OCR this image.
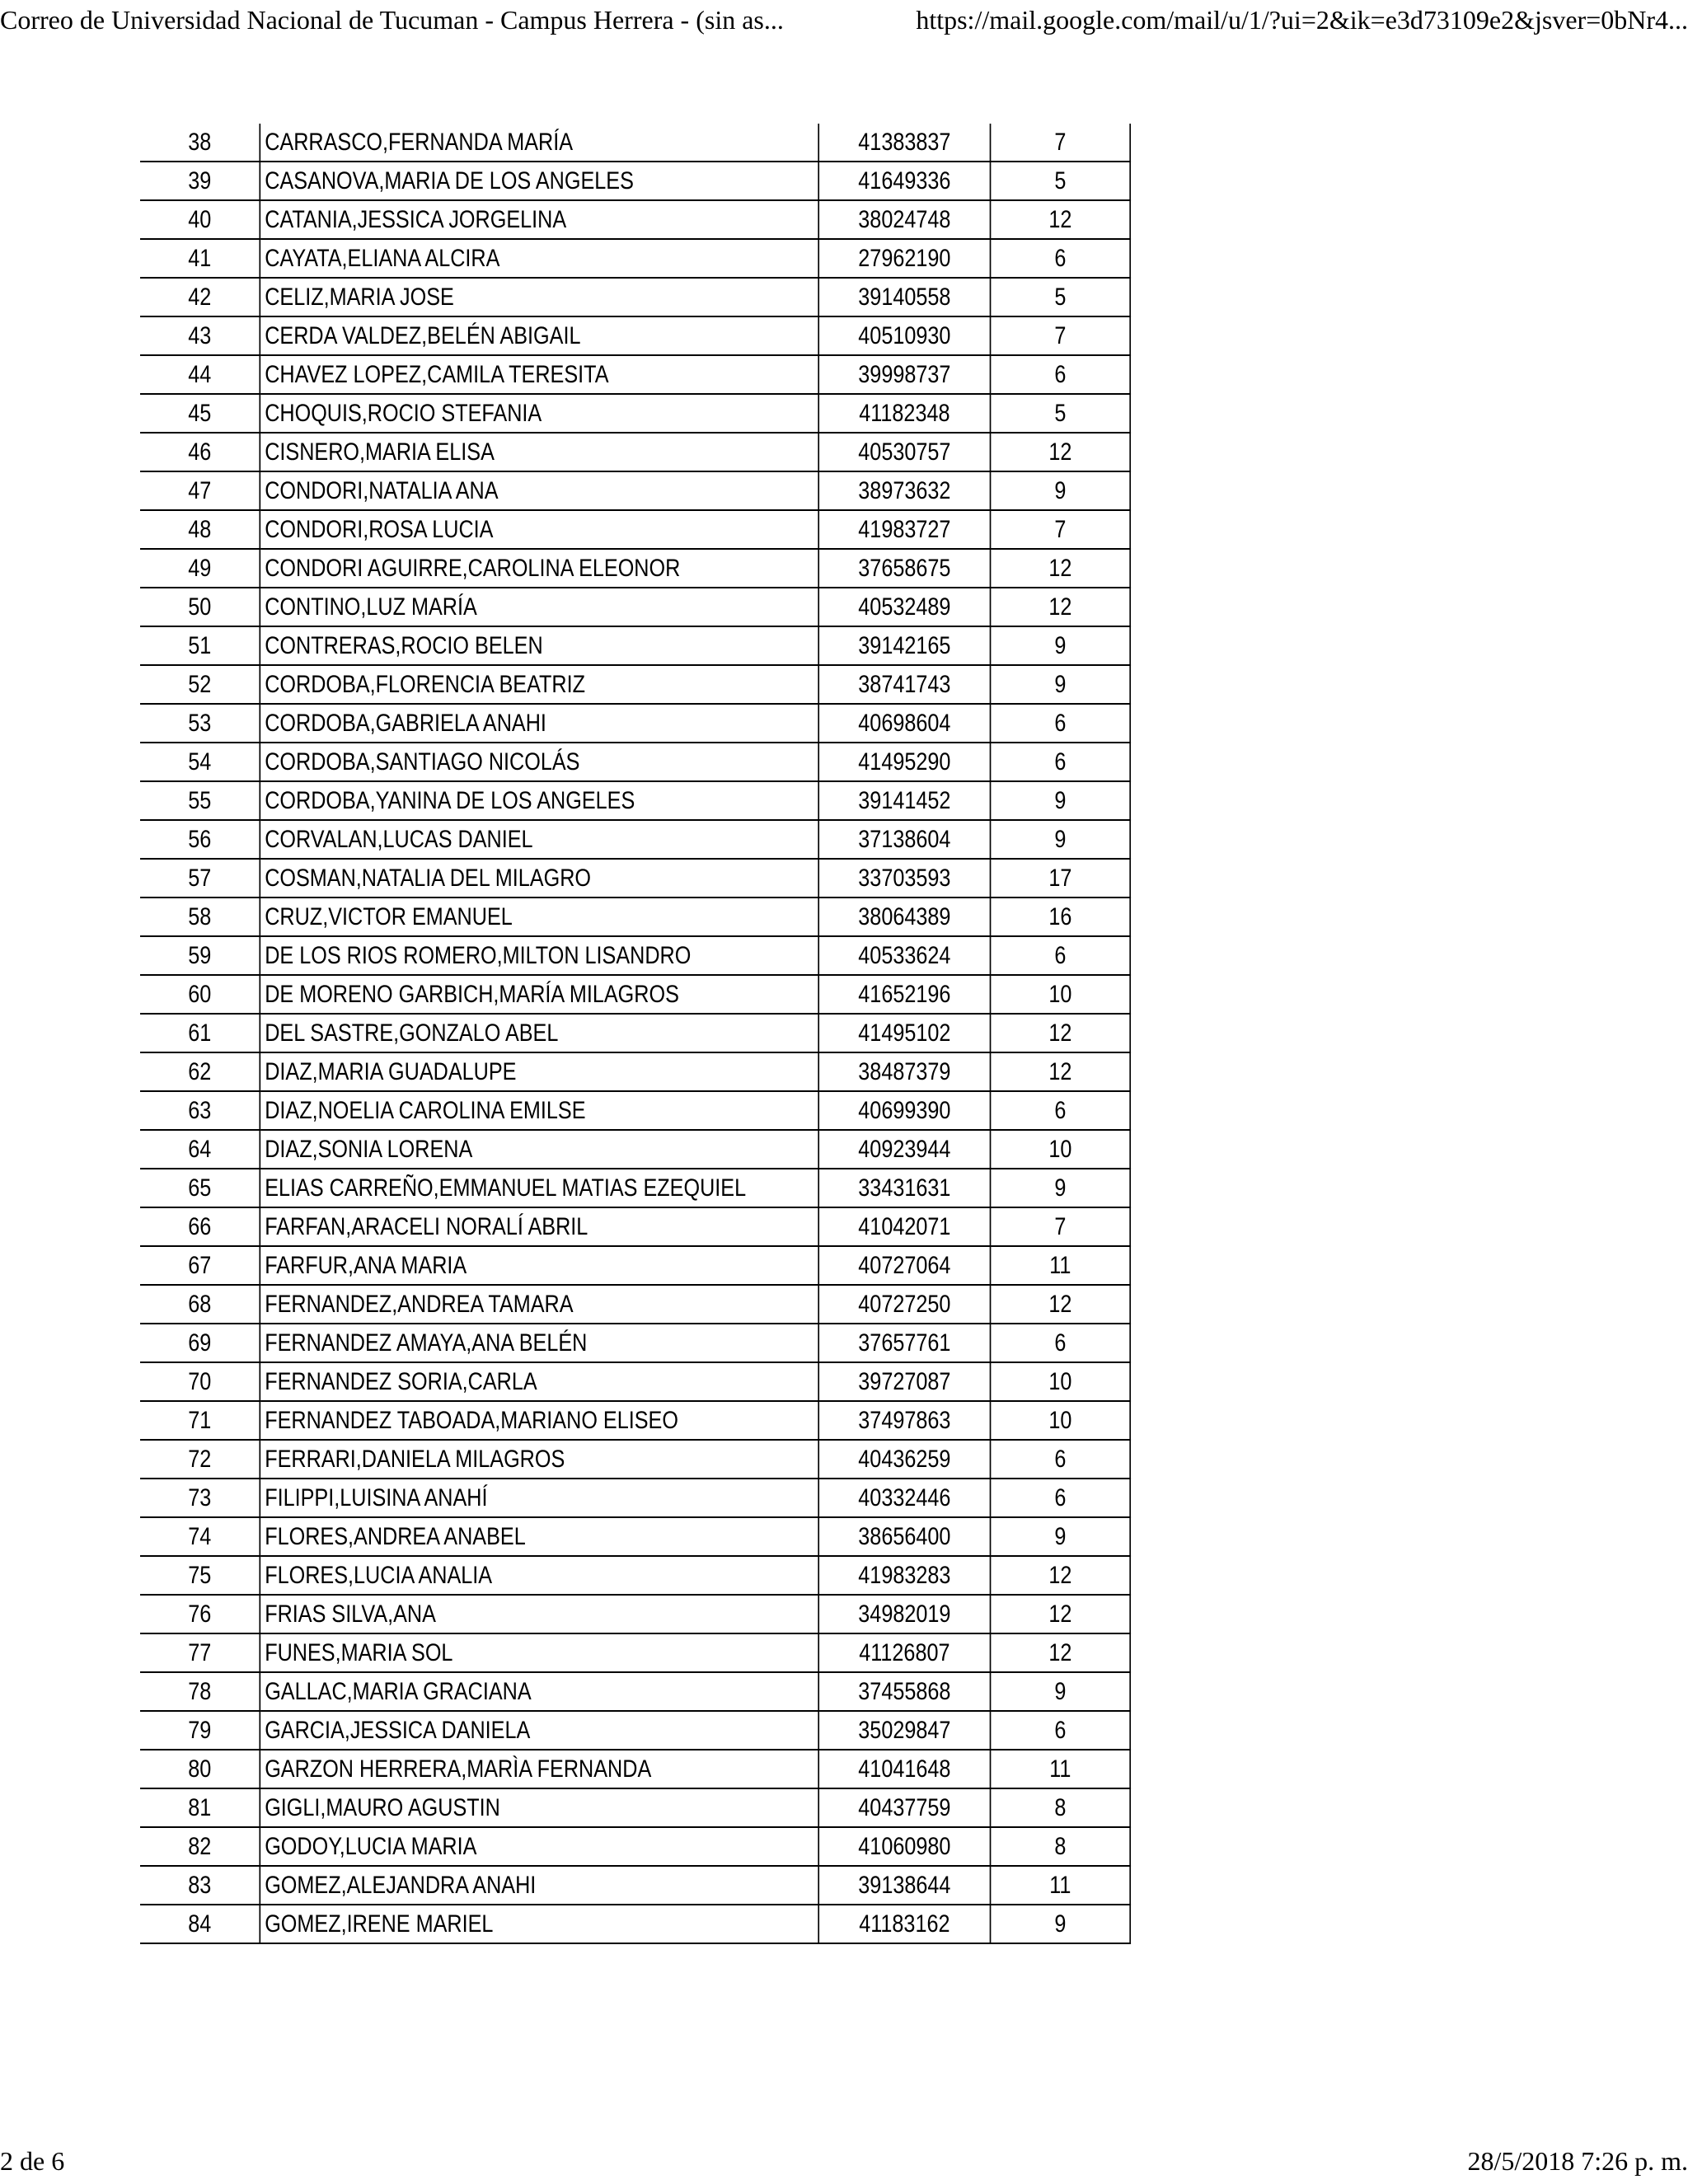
Correo de Universidad Nacional de Tucuman - Campus Herrera - (sin as...	https://mail.google.com/mail/u/1/?ui=2&ik=e3d73109e2&jsver=0bNr4...
38	CARRASCO,FERNANDA MARÍA	41383837	7
39	CASANOVA,MARIA DE LOS ANGELES	41649336	5
40	CATANIA,JESSICA JORGELINA	38024748	12
41	CAYATA,ELIANA ALCIRA	27962190	6
42	CELIZ,MARIA JOSE	39140558	5
43	CERDA VALDEZ,BELÉN ABIGAIL	40510930	7
44	CHAVEZ LOPEZ,CAMILA TERESITA	39998737	6
45	CHOQUIS,ROCIO STEFANIA	41182348	5
46	CISNERO,MARIA ELISA	40530757	12
47	CONDORI,NATALIA ANA	38973632	9
48	CONDORI,ROSA LUCIA	41983727	7
49	CONDORI AGUIRRE,CAROLINA ELEONOR	37658675	12
50	CONTINO,LUZ MARÍA	40532489	12
51	CONTRERAS,ROCIO BELEN	39142165	9
52	CORDOBA,FLORENCIA BEATRIZ	38741743	9
53	CORDOBA,GABRIELA ANAHI	40698604	6
54	CORDOBA,SANTIAGO NICOLÁS	41495290	6
55	CORDOBA,YANINA DE LOS ANGELES	39141452	9
56	CORVALAN,LUCAS DANIEL	37138604	9
57	COSMAN,NATALIA DEL MILAGRO	33703593	17
58	CRUZ,VICTOR EMANUEL	38064389	16
59	DE LOS RIOS ROMERO,MILTON LISANDRO	40533624	6
60	DE MORENO GARBICH,MARÍA MILAGROS	41652196	10
61	DEL SASTRE,GONZALO ABEL	41495102	12
62	DIAZ,MARIA GUADALUPE	38487379	12
63	DIAZ,NOELIA CAROLINA EMILSE	40699390	6
64	DIAZ,SONIA LORENA	40923944	10
65	ELIAS CARREÑO,EMMANUEL MATIAS EZEQUIEL	33431631	9
66	FARFAN,ARACELI NORALÍ ABRIL	41042071	7
67	FARFUR,ANA MARIA	40727064	11
68	FERNANDEZ,ANDREA TAMARA	40727250	12
69	FERNANDEZ AMAYA,ANA BELÉN	37657761	6
70	FERNANDEZ SORIA,CARLA	39727087	10
71	FERNANDEZ TABOADA,MARIANO ELISEO	37497863	10
72	FERRARI,DANIELA MILAGROS	40436259	6
73	FILIPPI,LUISINA ANAHÍ	40332446	6
74	FLORES,ANDREA ANABEL	38656400	9
75	FLORES,LUCIA ANALIA	41983283	12
76	FRIAS SILVA,ANA	34982019	12
77	FUNES,MARIA SOL	41126807	12
78	GALLAC,MARIA GRACIANA	37455868	9
79	GARCIA,JESSICA DANIELA	35029847	6
80	GARZON HERRERA,MARÌA FERNANDA	41041648	11
81	GIGLI,MAURO AGUSTIN	40437759	8
82	GODOY,LUCIA MARIA	41060980	8
83	GOMEZ,ALEJANDRA ANAHI	39138644	11
84	GOMEZ,IRENE MARIEL	41183162	9
2 de 6	28/5/2018 7:26 p. m.
